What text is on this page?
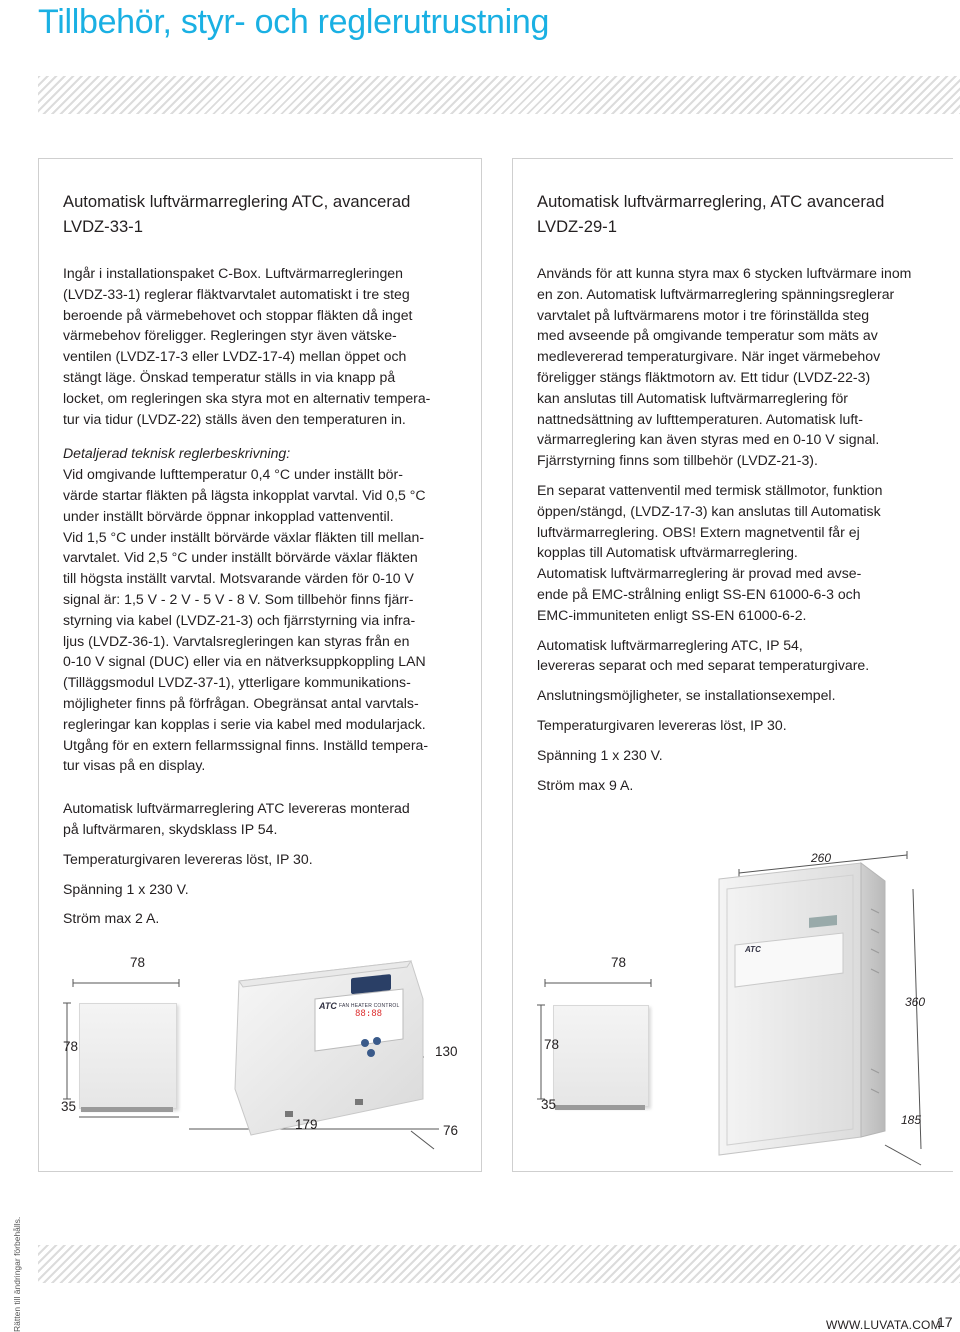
Tillbehör, styr- och reglerutrustning
Automatisk luftvärmarreglering ATC, avancerad
LVDZ-33-1

Ingår i installationspaket C-Box. Luftvärmarregleringen
(LVDZ-33-1) reglerar fläktvarvtalet automatiskt i tre steg
beroende på värmebehovet och stoppar fläkten då inget
värmebehov föreligger. Regleringen styr även vätske-
ventilen (LVDZ-17-3 eller LVDZ-17-4) mellan öppet och
stängt läge. Önskad temperatur ställs in via knapp på
locket, om regleringen ska styra mot en alternativ tempera-
tur via tidur (LVDZ-22) ställs även den temperaturen in.

Detaljerad teknisk reglerbeskrivning:

Vid omgivande lufttemperatur 0,4 °C under inställt bör-
värde startar fläkten på lägsta inkopplat varvtal. Vid 0,5 °C
under inställt börvärde öppnar inkopplad vattenventil.
Vid 1,5 °C under inställt börvärde växlar fläkten till mellan-
varvtalet. Vid 2,5 °C under inställt börvärde växlar fläkten
till högsta inställt varvtal. Motsvarande värden för 0-10 V
signal är: 1,5 V - 2 V - 5 V - 8 V. Som tillbehör finns fjärr-
styrning via kabel (LVDZ-21-3) och fjärrstyrning via infra-
ljus (LVDZ-36-1). Varvtalsregleringen kan styras från en
0-10 V signal (DUC) eller via en nätverksuppkoppling LAN
(Tilläggsmodul LVDZ-37-1), ytterligare kommunikations-
möjligheter finns på förfrågan. Obegränsat antal varvtals-
regleringar kan kopplas i serie via kabel med modularjack.
Utgång för en extern fellarmssignal finns. Inställd tempera-
tur visas på en display.

Automatisk luftvärmarreglering ATC levereras monterad
på luftvärmaren, skydsklass IP 54.

Temperaturgivaren levereras löst, IP 30.

Spänning 1 x 230 V.

Ström max 2 A.

78
78
35
ATC FAN HEATER CONTROL
88:88
130
179	76
Automatisk luftvärmarreglering, ATC avancerad
LVDZ-29-1

Används för att kunna styra max 6 stycken luftvärmare inom
en zon. Automatisk luftvärmarreglering spänningsreglerar
varvtalet på luftvärmarens motor i tre förinställda steg
med avseende på omgivande temperatur som mäts av
medlevererad temperaturgivare. När inget värmebehov
föreligger stängs fläktmotorn av. Ett tidur (LVDZ-22-3)
kan anslutas till Automatisk luftvärmarreglering för
nattnedsättning av lufttemperaturen. Automatisk luft-
värmarreglering kan även styras med en 0-10 V signal.
Fjärrstyrning finns som tillbehör (LVDZ-21-3).

En separat vattenventil med termisk ställmotor, funktion
öppen/stängd, (LVDZ-17-3) kan anslutas till Automatisk
luftvärmarreglering. OBS! Extern magnetventil får ej
kopplas till Automatisk uftvärmarreglering.
Automatisk luftvärmarreglering är provad med avse-
ende på EMC-strålning enligt SS-EN 61000-6-3 och
EMC-immuniteten enligt SS-EN 61000-6-2.

Automatisk luftvärmarreglering ATC, IP 54,
levereras separat och med separat temperaturgivare.

Anslutningsmöjligheter, se installationsexempel.

Temperaturgivaren levereras löst, IP 30.

Spänning 1 x 230 V.

Ström max 9 A.

260
360
185
78
78
35
ATC
Rätten till ändringar förbehålls.	WWW.LUVATA.COM
17
